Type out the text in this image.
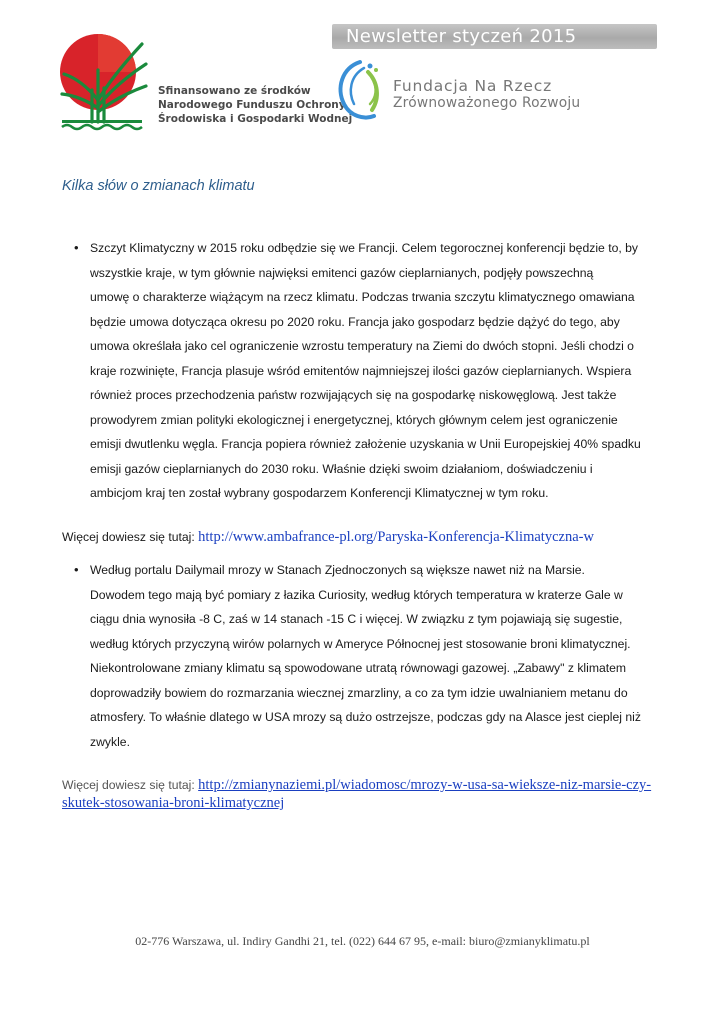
Sfinansowano ze środków
Narodowego Funduszu Ochrony
Środowiska i Gospodarki Wodnej
Newsletter styczeń 2015
Fundacja Na Rzecz
Zrównoważonego Rozwoju
Kilka słów o zmianach klimatu
• Szczyt Klimatyczny w 2015 roku odbędzie się we Francji. Celem tegorocznej konferencji będzie to, by
wszystkie kraje, w tym głównie najwięksi emitenci gazów cieplarnianych, podjęły powszechną
umowę o charakterze wiążącym na rzecz klimatu. Podczas trwania szczytu klimatycznego omawiana
będzie umowa dotycząca okresu po 2020 roku. Francja jako gospodarz będzie dążyć do tego, aby
umowa określała jako cel ograniczenie wzrostu temperatury na Ziemi do dwóch stopni. Jeśli chodzi o
kraje rozwinięte, Francja plasuje wśród emitentów najmniejszej ilości gazów cieplarnianych. Wspiera
również proces przechodzenia państw rozwijających się na gospodarkę niskowęglową. Jest także
prowodyrem zmian polityki ekologicznej i energetycznej, których głównym celem jest ograniczenie
emisji dwutlenku węgla. Francja popiera również założenie uzyskania w Unii Europejskiej 40% spadku
emisji gazów cieplarnianych do 2030 roku. Właśnie dzięki swoim działaniom, doświadczeniu i
ambicjom kraj ten został wybrany gospodarzem Konferencji Klimatycznej w tym roku.
Więcej dowiesz się tutaj: http://www.ambafrance-pl.org/Paryska-Konferencja-Klimatyczna-w
• Według portalu Dailymail mrozy w Stanach Zjednoczonych są większe nawet niż na Marsie.
Dowodem tego mają być pomiary z łazika Curiosity, według których temperatura w kraterze Gale w
ciągu dnia wynosiła -8 C, zaś w 14 stanach -15 C i więcej. W związku z tym pojawiają się sugestie,
według których przyczyną wirów polarnych w Ameryce Północnej jest stosowanie broni klimatycznej.
Niekontrolowane zmiany klimatu są spowodowane utratą równowagi gazowej. „Zabawy" z klimatem
doprowadziły bowiem do rozmarzania wiecznej zmarzliny, a co za tym idzie uwalnianiem metanu do
atmosfery. To właśnie dlatego w USA mrozy są dużo ostrzejsze, podczas gdy na Alasce jest cieplej niż
zwykle.
Więcej dowiesz się tutaj: http://zmianynaziemi.pl/wiadomosc/mrozy-w-usa-sa-wieksze-niz-marsie-czy-
skutek-stosowania-broni-klimatycznej
02-776 Warszawa, ul. Indiry Gandhi 21, tel. (022) 644 67 95, e-mail: biuro@zmianyklimatu.pl
